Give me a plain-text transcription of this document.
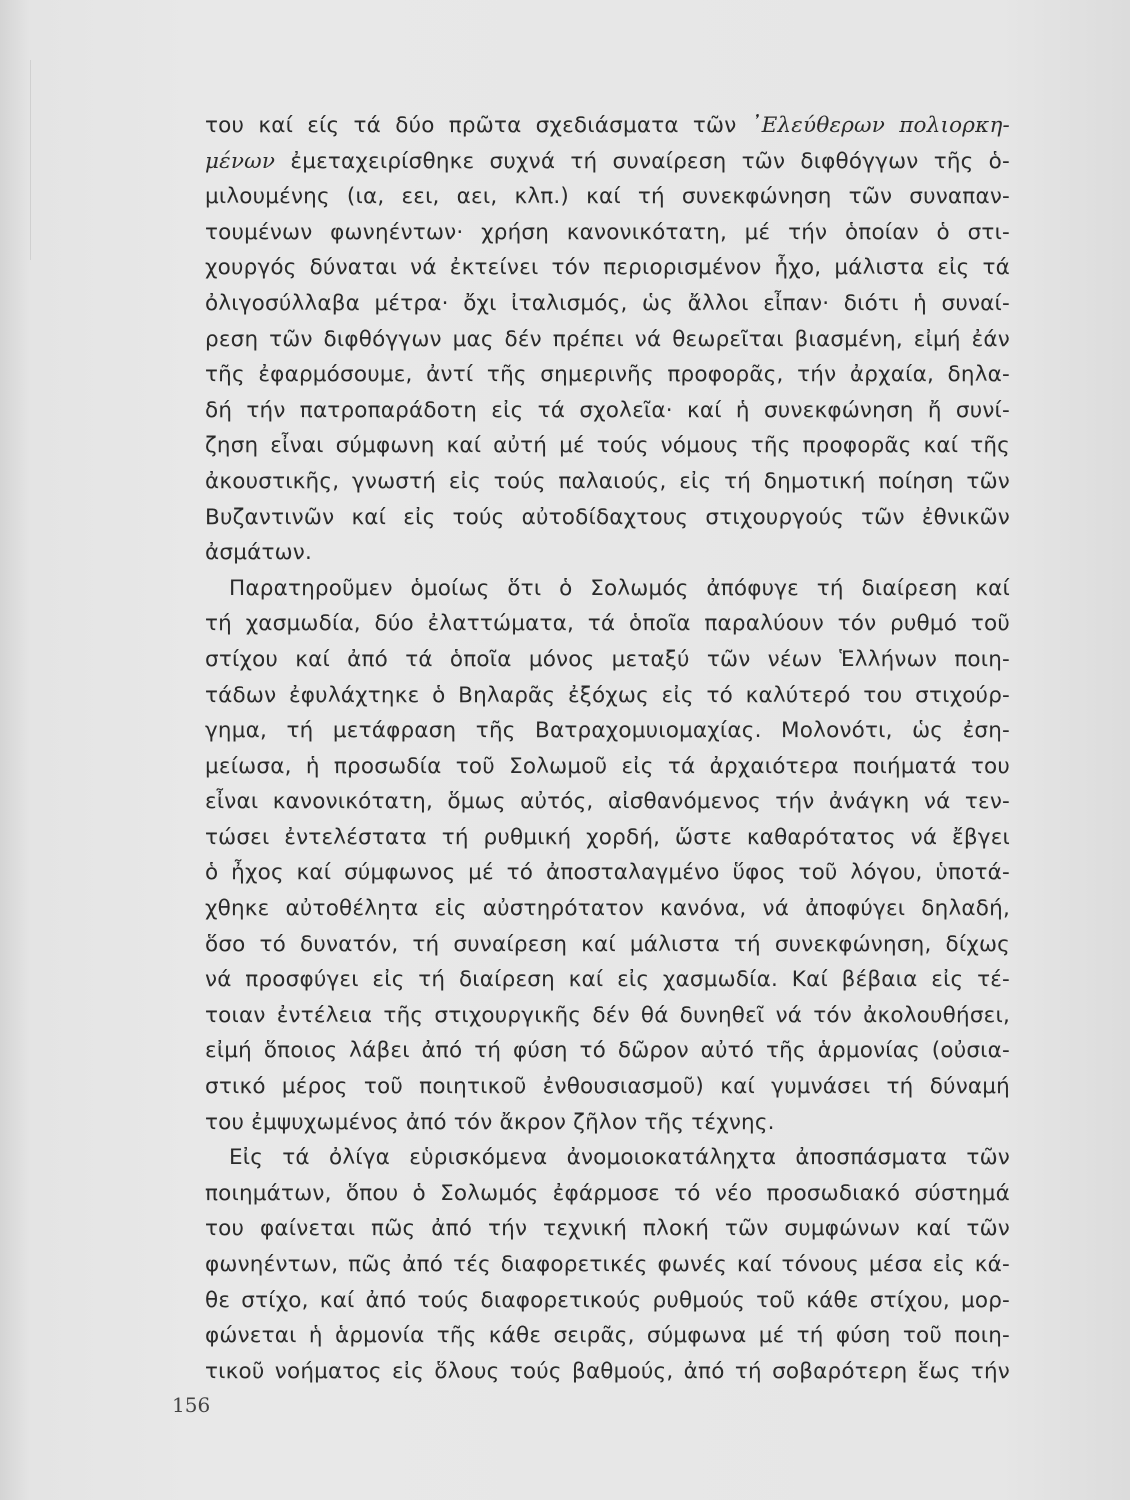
του καί είς τά δύο πρῶτα σχεδιάσματα τῶν ᾿Ελεύθερων πολιορκη-
μένων ἐμεταχειρίσθηκε συχνά τή συναίρεση τῶν διφθόγγων τῆς ὁ-
μιλουμένης (ια, εει, αει, κλπ.) καί τή συνεκφώνηση τῶν συναπαν-
τουμένων φωνηέντων· χρήση κανονικότατη, μέ τήν ὁποίαν ὁ στι-
χουργός δύναται νά ἐκτείνει τόν περιορισμένον ἦχο, μάλιστα εἰς τά
ὀλιγοσύλλαβα μέτρα· ὄχι ἰταλισμός, ὡς ἄλλοι εἶπαν· διότι ἡ συναί-
ρεση τῶν διφθόγγων μας δέν πρέπει νά θεωρεῖται βιασμένη, εἰμή ἐάν
τῆς ἐφαρμόσουμε, ἀντί τῆς σημερινῆς προφορᾶς, τήν ἀρχαία, δηλα-
δή τήν πατροπαράδοτη εἰς τά σχολεῖα· καί ἡ συνεκφώνηση ἤ συνί-
ζηση εἶναι σύμφωνη καί αὐτή μέ τούς νόμους τῆς προφορᾶς καί τῆς
ἀκουστικῆς, γνωστή εἰς τούς παλαιούς, εἰς τή δημοτική ποίηση τῶν
Βυζαντινῶν καί εἰς τούς αὐτοδίδαχτους στιχουργούς τῶν ἐθνικῶν
ἀσμάτων.
Παρατηροῦμεν ὁμοίως ὅτι ὁ Σολωμός ἀπόφυγε τή διαίρεση καί
τή χασμωδία, δύο ἐλαττώματα, τά ὁποῖα παραλύουν τόν ρυθμό τοῦ
στίχου καί ἀπό τά ὁποῖα μόνος μεταξύ τῶν νέων Ἑλλήνων ποιη-
τάδων ἐφυλάχτηκε ὁ Βηλαρᾶς ἐξόχως εἰς τό καλύτερό του στιχούρ-
γημα, τή μετάφραση τῆς Βατραχομυιομαχίας. Μολονότι, ὡς ἐση-
μείωσα, ἡ προσωδία τοῦ Σολωμοῦ εἰς τά ἀρχαιότερα ποιήματά του
εἶναι κανονικότατη, ὅμως αὐτός, αἰσθανόμενος τήν ἀνάγκη νά τεν-
τώσει ἐντελέστατα τή ρυθμική χορδή, ὥστε καθαρότατος νά ἔβγει
ὁ ἦχος καί σύμφωνος μέ τό ἀποσταλαγμένο ὕφος τοῦ λόγου, ὑποτά-
χθηκε αὐτοθέλητα εἰς αὐστηρότατον κανόνα, νά ἀποφύγει δηλαδή,
ὅσο τό δυνατόν, τή συναίρεση καί μάλιστα τή συνεκφώνηση, δίχως
νά προσφύγει εἰς τή διαίρεση καί εἰς χασμωδία. Καί βέβαια εἰς τέ-
τοιαν ἐντέλεια τῆς στιχουργικῆς δέν θά δυνηθεῖ νά τόν ἀκολουθήσει,
εἰμή ὅποιος λάβει ἀπό τή φύση τό δῶρον αὐτό τῆς ἁρμονίας (οὐσια-
στικό μέρος τοῦ ποιητικοῦ ἐνθουσιασμοῦ) καί γυμνάσει τή δύναμή
του ἐμψυχωμένος ἀπό τόν ἄκρον ζῆλον τῆς τέχνης.
Εἰς τά ὀλίγα εὑρισκόμενα ἀνομοιοκατάληχτα ἀποσπάσματα τῶν
ποιημάτων, ὅπου ὁ Σολωμός ἐφάρμοσε τό νέο προσωδιακό σύστημά
του φαίνεται πῶς ἀπό τήν τεχνική πλοκή τῶν συμφώνων καί τῶν
φωνηέντων, πῶς ἀπό τές διαφορετικές φωνές καί τόνους μέσα εἰς κά-
θε στίχο, καί ἀπό τούς διαφορετικούς ρυθμούς τοῦ κάθε στίχου, μορ-
φώνεται ἡ ἁρμονία τῆς κάθε σειρᾶς, σύμφωνα μέ τή φύση τοῦ ποιη-
τικοῦ νοήματος εἰς ὅλους τούς βαθμούς, ἀπό τή σοβαρότερη ἕως τήν
156
